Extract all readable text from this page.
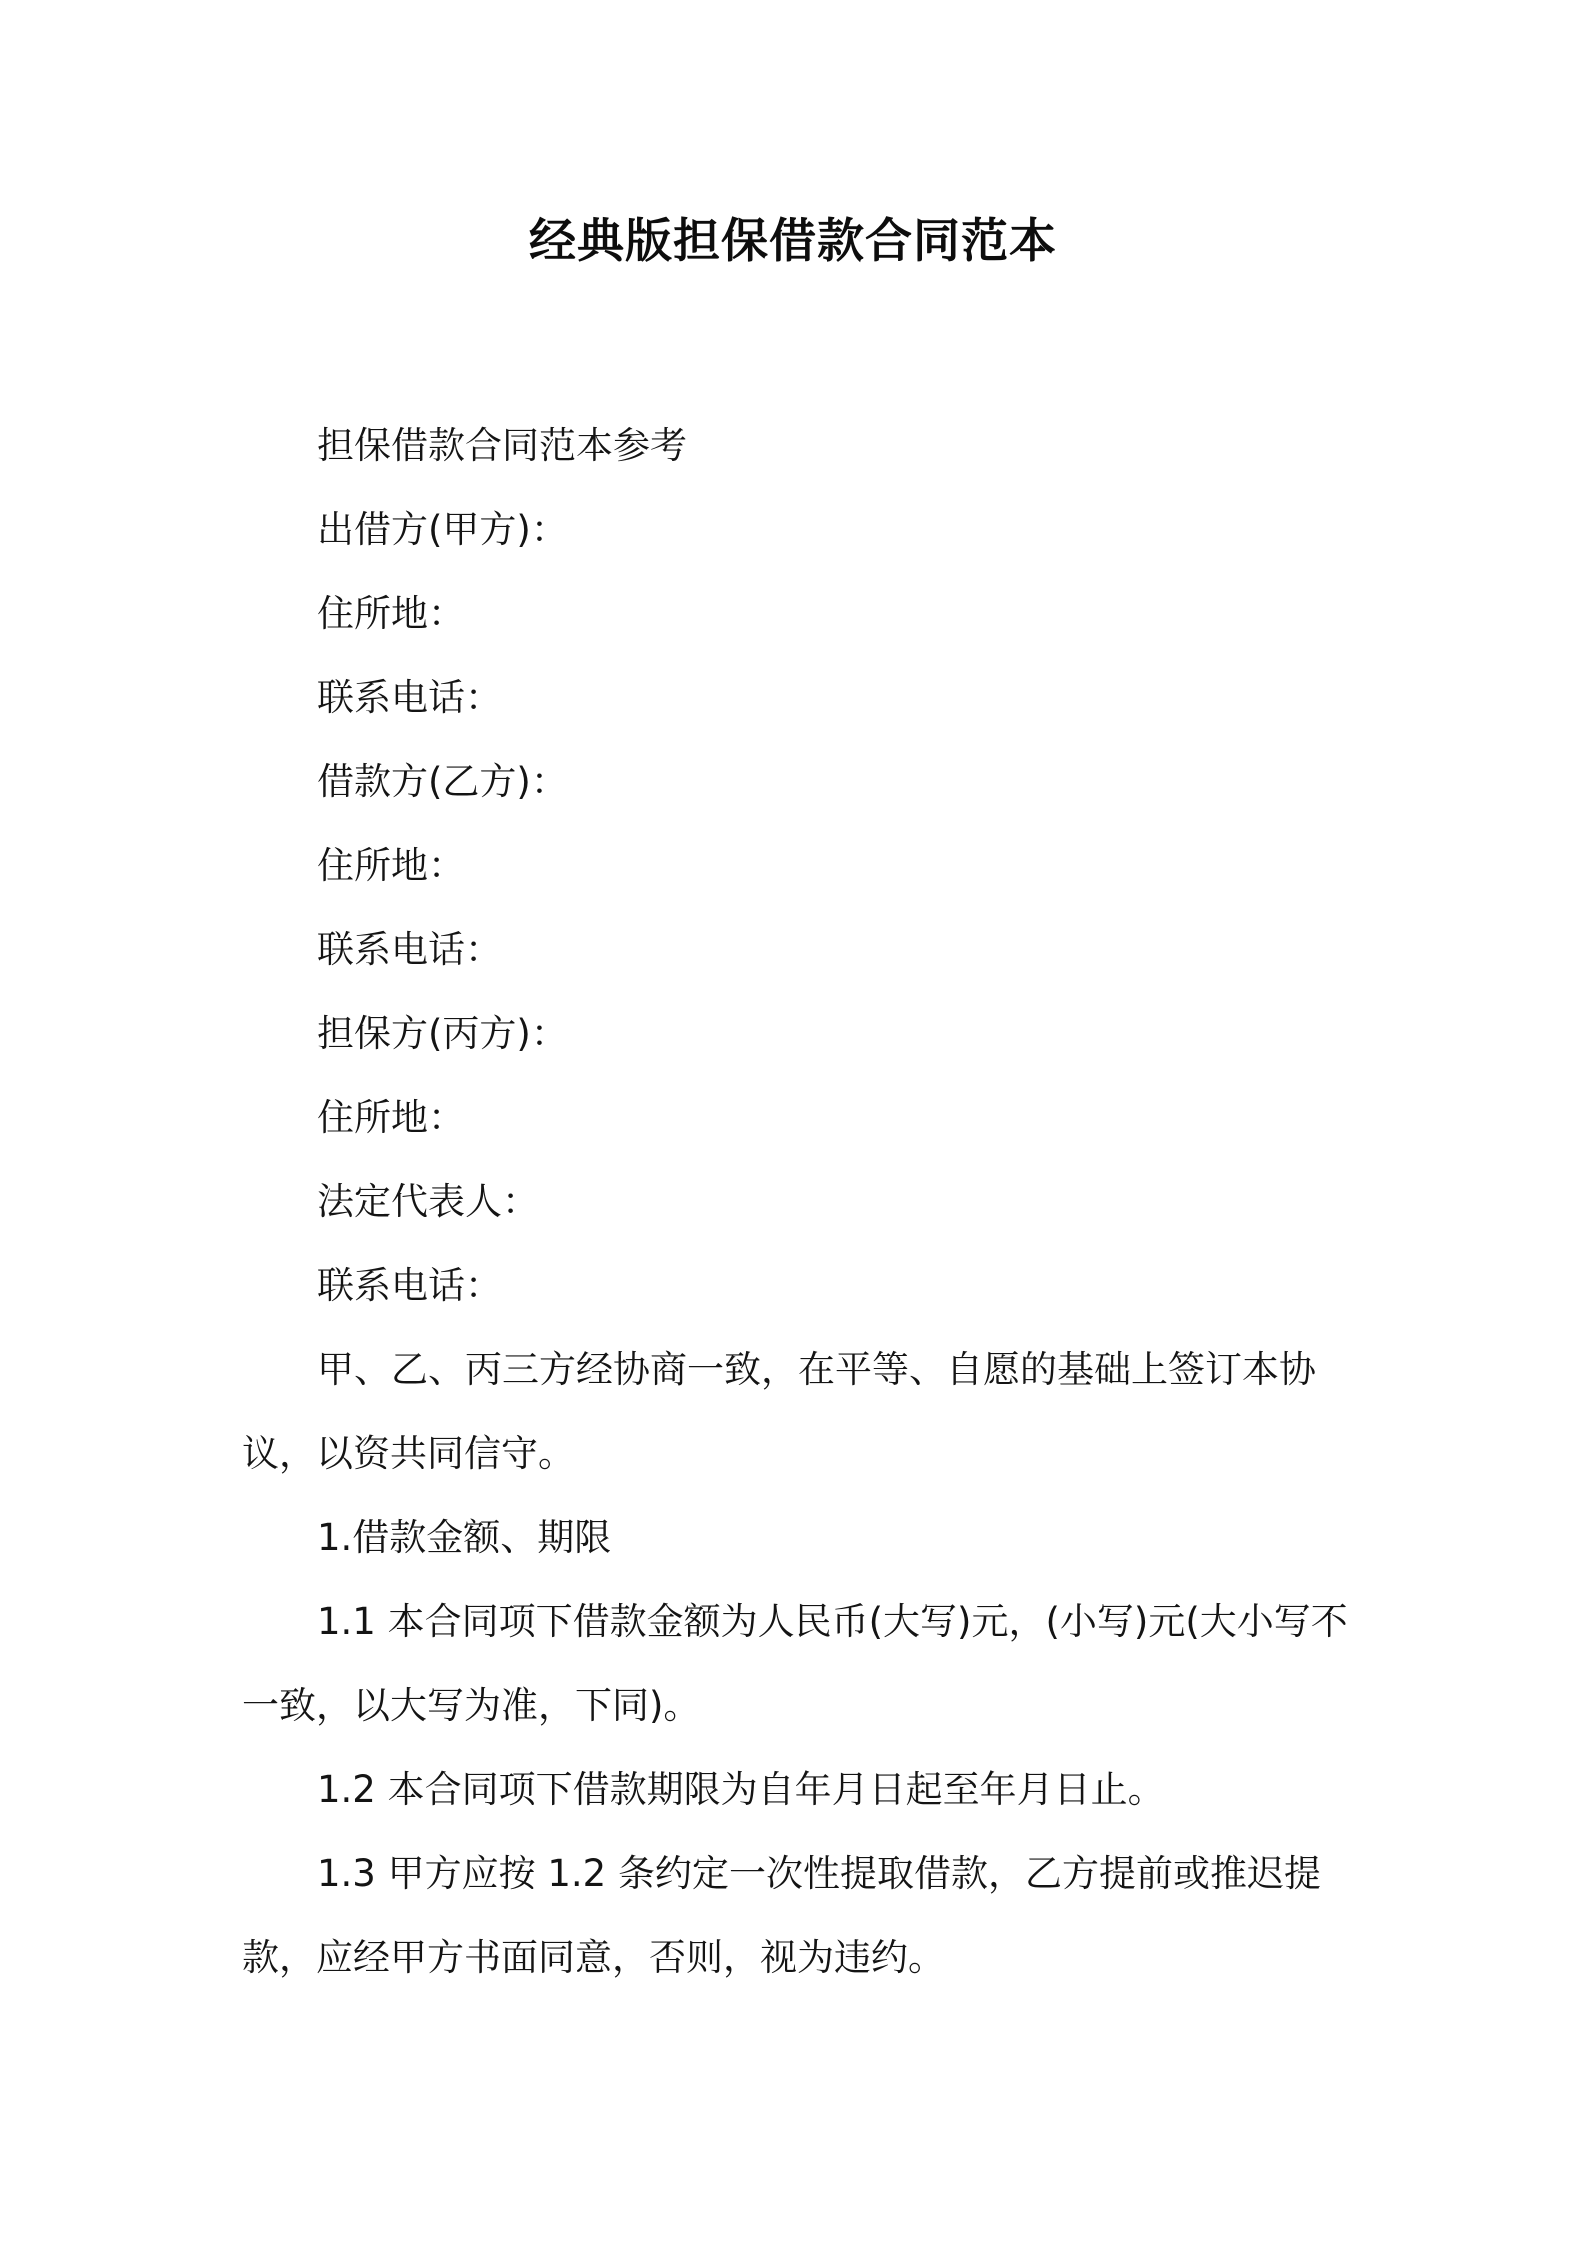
经典版担保借款合同范本

担保借款合同范本参考

出借方(甲方)：

住所地：

联系电话：

借款方(乙方)：

住所地：

联系电话：

担保方(丙方)：

住所地：

法定代表人：

联系电话：

甲、乙、丙三方经协商一致，在平等、自愿的基础上签订本协议，以资共同信守。

1.借款金额、期限

1.1 本合同项下借款金额为人民币(大写)元，(小写)元(大小写不一致，以大写为准，下同)。

1.2 本合同项下借款期限为自年月日起至年月日止。

1.3 甲方应按 1.2 条约定一次性提取借款，乙方提前或推迟提款，应经甲方书面同意，否则，视为违约。
